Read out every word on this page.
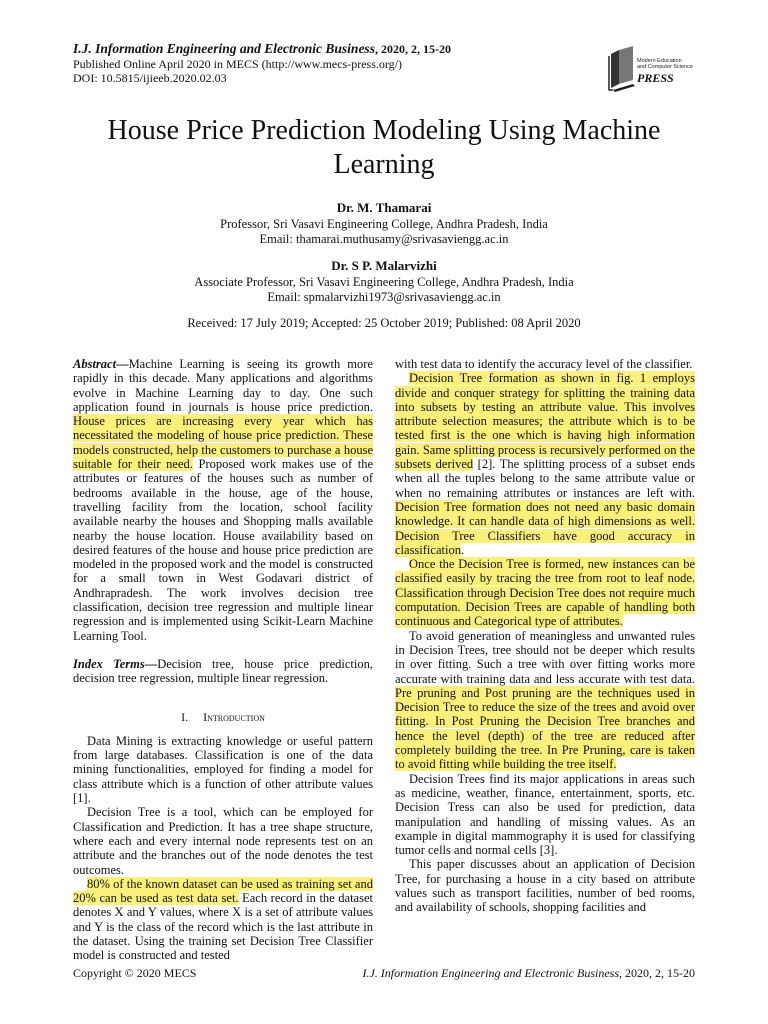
I.J. Information Engineering and Electronic Business, 2020, 2, 15-20
Published Online April 2020 in MECS (http://www.mecs-press.org/)
DOI: 10.5815/ijieeb.2020.02.03
Modern Education
and Computer Science
PRESS
House Price Prediction Modeling Using Machine Learning
Dr. M. Thamarai
Professor, Sri Vasavi Engineering College, Andhra Pradesh, India
Email: thamarai.muthusamy@srivasaviengg.ac.in
Dr. S P. Malarvizhi
Associate Professor, Sri Vasavi Engineering College, Andhra Pradesh, India
Email: spmalarvizhi1973@srivasaviengg.ac.in
Received: 17 July 2019; Accepted: 25 October 2019; Published: 08 April 2020

Abstract—Machine Learning is seeing its growth more rapidly in this decade. Many applications and algorithms evolve in Machine Learning day to day. One such application found in journals is house price prediction. House prices are increasing every year which has necessitated the modeling of house price prediction. These models constructed, help the customers to purchase a house suitable for their need. Proposed work makes use of the attributes or features of the houses such as number of bedrooms available in the house, age of the house, travelling facility from the location, school facility available nearby the houses and Shopping malls available nearby the house location. House availability based on desired features of the house and house price prediction are modeled in the proposed work and the model is constructed for a small town in West Godavari district of Andhrapradesh. The work involves decision tree classification, decision tree regression and multiple linear regression and is implemented using Scikit-Learn Machine Learning Tool.

Index Terms—Decision tree, house price prediction, decision tree regression, multiple linear regression.

I. Introduction

Data Mining is extracting knowledge or useful pattern from large databases. Classification is one of the data mining functionalities, employed for finding a model for class attribute which is a function of other attribute values [1].

Decision Tree is a tool, which can be employed for Classification and Prediction. It has a tree shape structure, where each and every internal node represents test on an attribute and the branches out of the node denotes the test outcomes.

80% of the known dataset can be used as training set and 20% can be used as test data set. Each record in the dataset denotes X and Y values, where X is a set of attribute values and Y is the class of the record which is the last attribute in the dataset. Using the training set Decision Tree Classifier model is constructed and tested

with test data to identify the accuracy level of the classifier.

Decision Tree formation as shown in fig. 1 employs divide and conquer strategy for splitting the training data into subsets by testing an attribute value. This involves attribute selection measures; the attribute which is to be tested first is the one which is having high information gain. Same splitting process is recursively performed on the subsets derived [2]. The splitting process of a subset ends when all the tuples belong to the same attribute value or when no remaining attributes or instances are left with. Decision Tree formation does not need any basic domain knowledge. It can handle data of high dimensions as well. Decision Tree Classifiers have good accuracy in classification.

Once the Decision Tree is formed, new instances can be classified easily by tracing the tree from root to leaf node. Classification through Decision Tree does not require much computation. Decision Trees are capable of handling both continuous and Categorical type of attributes.

To avoid generation of meaningless and unwanted rules in Decision Trees, tree should not be deeper which results in over fitting. Such a tree with over fitting works more accurate with training data and less accurate with test data. Pre pruning and Post pruning are the techniques used in Decision Tree to reduce the size of the trees and avoid over fitting. In Post Pruning the Decision Tree branches and hence the level (depth) of the tree are reduced after completely building the tree. In Pre Pruning, care is taken to avoid fitting while building the tree itself.

Decision Trees find its major applications in areas such as medicine, weather, finance, entertainment, sports, etc. Decision Tress can also be used for prediction, data manipulation and handling of missing values. As an example in digital mammography it is used for classifying tumor cells and normal cells [3].

This paper discusses about an application of Decision Tree, for purchasing a house in a city based on attribute values such as transport facilities, number of bed rooms, and availability of schools, shopping facilities and

Copyright © 2020 MECS	I.J. Information Engineering and Electronic Business, 2020, 2, 15-20
